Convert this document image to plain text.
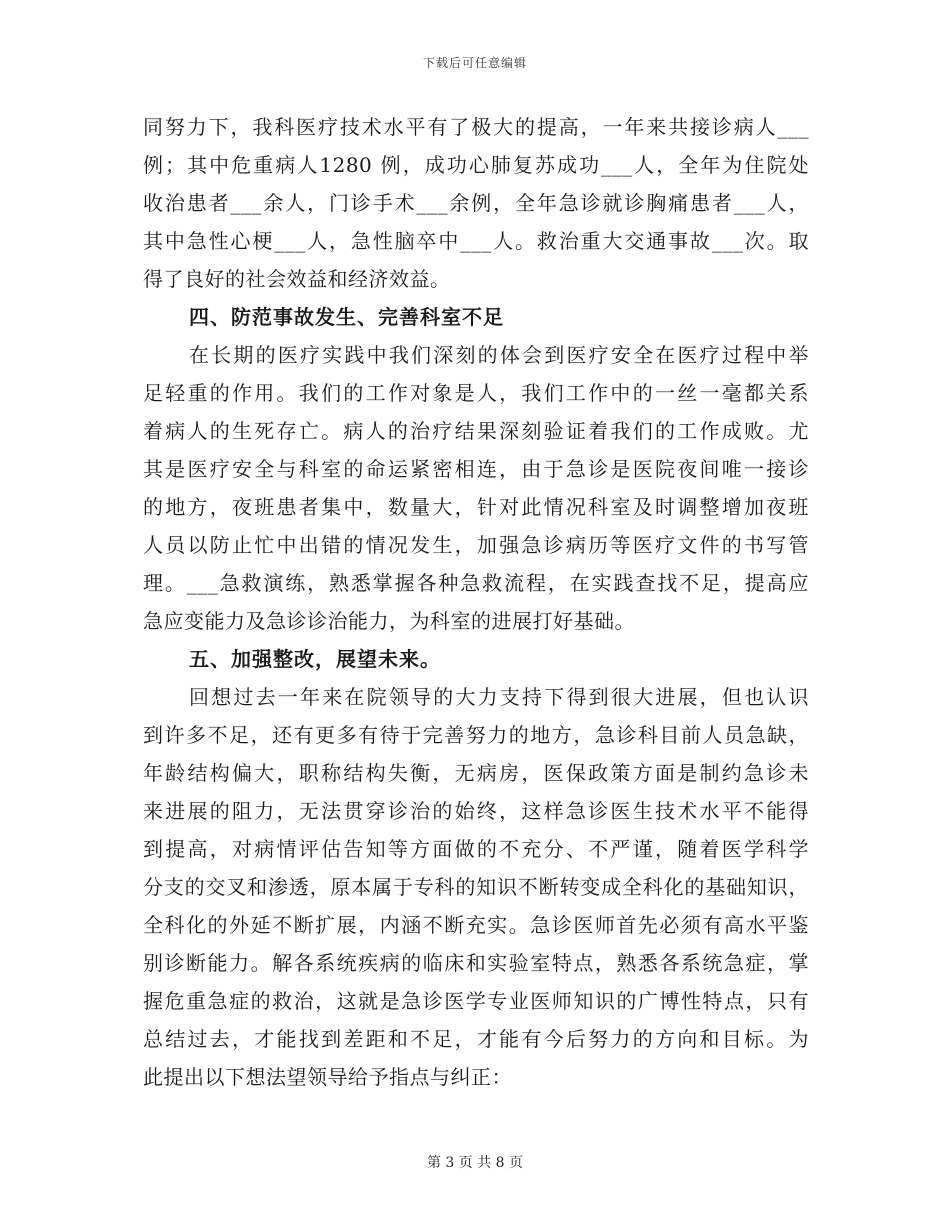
下载后可任意编辑
同努力下，我科医疗技术水平有了极大的提高，一年来共接诊病人___
例；其中危重病人1280 例，成功心肺复苏成功___人，全年为住院处
收治患者___余人，门诊手术___余例，全年急诊就诊胸痛患者___人，
其中急性心梗___人，急性脑卒中___人。救治重大交通事故___次。取
得了良好的社会效益和经济效益。
四、防范事故发生、完善科室不足
在长期的医疗实践中我们深刻的体会到医疗安全在医疗过程中举
足轻重的作用。我们的工作对象是人，我们工作中的一丝一毫都关系
着病人的生死存亡。病人的治疗结果深刻验证着我们的工作成败。尤
其是医疗安全与科室的命运紧密相连，由于急诊是医院夜间唯一接诊
的地方，夜班患者集中，数量大，针对此情况科室及时调整增加夜班
人员以防止忙中出错的情况发生，加强急诊病历等医疗文件的书写管
理。___急救演练，熟悉掌握各种急救流程，在实践查找不足，提高应
急应变能力及急诊诊治能力，为科室的进展打好基础。
五、加强整改，展望未来。
回想过去一年来在院领导的大力支持下得到很大进展，但也认识
到许多不足，还有更多有待于完善努力的地方，急诊科目前人员急缺，
年龄结构偏大，职称结构失衡，无病房，医保政策方面是制约急诊未
来进展的阻力，无法贯穿诊治的始终，这样急诊医生技术水平不能得
到提高，对病情评估告知等方面做的不充分、不严谨，随着医学科学
分支的交叉和渗透，原本属于专科的知识不断转变成全科化的基础知识，
全科化的外延不断扩展，内涵不断充实。急诊医师首先必须有高水平鉴
别诊断能力。解各系统疾病的临床和实验室特点，熟悉各系统急症，掌
握危重急症的救治，这就是急诊医学专业医师知识的广博性特点，只有
总结过去，才能找到差距和不足，才能有今后努力的方向和目标。为
此提出以下想法望领导给予指点与纠正：
第 3 页 共 8 页
